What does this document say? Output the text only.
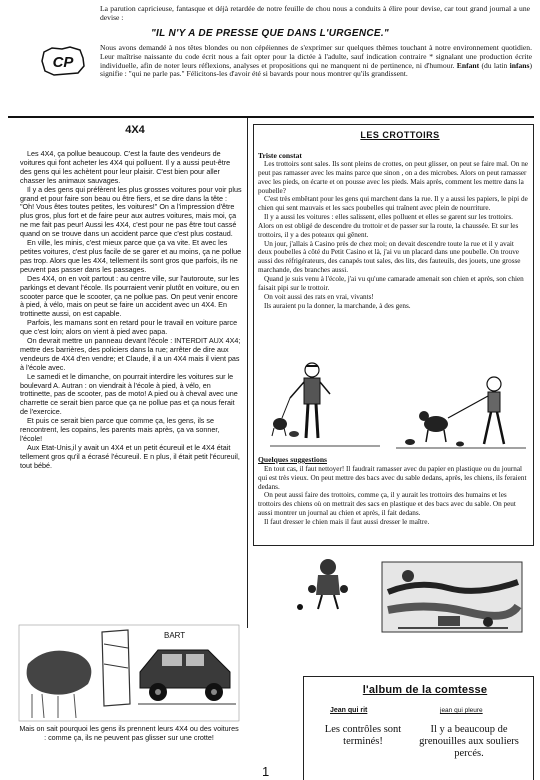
La parution capricieuse, fantasque et déjà retardée de notre feuille de chou nous a conduits à élire pour devise, car tout grand journal a une devise :
"IL N'Y A DE PRESSE QUE DANS L'URGENCE."
Nous avons demandé à nos têtes blondes ou non cépéiennes de s'exprimer sur quelques thèmes touchant à notre environnement quotidien. Leur maîtrise naissante du code écrit nous a fait opter pour la dictée à l'adulte, sauf indication contraire * signalant une production écrite individuelle, afin de noter leurs réflexions, analyses et propositions qui ne manquent ni de pertinence, ni d'humour. Enfant (du latin infans) signifie : "qui ne parle pas." Félicitons-les d'avoir été si bavards pour nous montrer qu'ils grandissent.
CP
4X4

Les 4X4, ça pollue beaucoup. C'est la faute des vendeurs de voitures qui font acheter les 4X4 qui polluent. Il y a aussi peut-être des gens qui les achètent pour leur plaisir. C'est bien pour aller chasser les animaux sauvages.

Il y a des gens qui préfèrent les plus grosses voitures pour voir plus grand et pour faire son beau ou être fiers, et se dire dans la tête : "Oh! Vous êtes toutes petites, les voitures!" On a l'impression d'être plus gros, plus fort et de faire peur aux autres voitures, mais moi, ça ne me fait pas peur! Aussi les 4X4, c'est pour ne pas être tout cassé quand on se trouve dans un accident parce que c'est plus costaud.

En ville, les minis, c'est mieux parce que ça va vite. Et avec les petites voitures, c'est plus facile de se garer et au moins, ça ne pollue pas trop. Alors que les 4X4, tellement ils sont gros que parfois, ils ne peuvent pas passer dans les passages.

Des 4X4, on en voit partout : au centre ville, sur l'autoroute, sur les parkings et devant l'école. Ils pourraient venir plutôt en voiture, ou en scooter parce que le scooter, ça ne pollue pas. On peut venir encore à pied, à vélo, mais on peut se faire un accident avec un 4X4. En trottinette aussi, on est capable.

Parfois, les mamans sont en retard pour le travail en voiture parce que c'est loin; alors on vient à pied avec papa.

On devrait mettre un panneau devant l'école : INTERDIT AUX 4X4; mettre des barrières, des policiers dans la rue; arrêter de dire aux vendeurs de 4X4 d'en vendre; et Claude, il a un 4X4 mais il vient pas à l'école avec.

Le samedi et le dimanche, on pourrait interdire les voitures sur le boulevard A. Autran : on viendrait à l'école à pied, à vélo, en trottinette, pas de scooter, pas de moto! A pied ou à cheval avec une charrette ce serait bien parce que ça ne pollue pas et ça nous ferait de l'exercice.

Et puis ce serait bien parce que comme ça, les gens, ils se rencontrent, les copains, les parents mais après, ça va sonner, l'école!

Aux Etat-Unis,il y avait un 4X4 et un petit écureuil et le 4X4 était tellement gros qu'il a écrasé l'écureuil. E n plus, il était petit l'écureuil, tout bébé.

LES CROTTOIRS
Triste constat

Les trottoirs sont sales. Ils sont pleins de crottes, on peut glisser, on peut se faire mal. On ne peut pas ramasser avec les mains parce que sinon , on a des microbes. Alors on peut ramasser avec les pieds, on écarte et on pousse avec les pieds. Mais après, comment les mettre dans la poubelle?

C'est très embêtant pour les gens qui marchent dans la rue. Il y a aussi les papiers, le pipi de chien qui sent mauvais et les sacs poubelles qui traînent avec plein de nourriture.

Il y a aussi les voitures : elles salissent, elles polluent et elles se garent sur les trottoirs. Alors on est obligé de descendre du trottoir et de passer sur la route, la chaussée. Et sur les trottoirs, il y a des poteaux qui gênent.

Un jour, j'allais à Casino près de chez moi; on devait descendre toute la rue et il y avait deux poubelles à côté du Petit Casino et là, j'ai vu un placard dans une poubelle. On trouve aussi des réfrigérateurs, des canapés tout sales, des lits, des fauteuils, des jouets, une grosse marchande, des branches aussi.

Quand je suis venu à l'école, j'ai vu qu'une camarade amenait son chien et après, son chien faisait pipi sur le trottoir.

On voit aussi des rats en vrai, vivants!

Ils auraient pu la donner, la marchande, à des gens.

Quelques suggestions

En tout cas, il faut nettoyer! Il faudrait ramasser avec du papier en plastique ou du journal qui est très vieux. On peut mettre des bacs avec du sable dedans, après, les chiens, ils feraient dedans.

On peut aussi faire des trottoirs, comme ça, il y aurait les trottoirs des humains et les trottoirs des chiens où on mettrait des sacs en plastique et des bacs avec du sable. On peut aussi montrer un journal au chien et après, il fait dedans.

Il faut dresser le chien mais il faut aussi dresser le maître.

BART
Mais on sait pourquoi les gens ils prennent leurs 4X4 ou des voitures : comme ça, ils ne peuvent pas glisser sur une crotte!
l'album de la comtesse
Jean qui rit	jean qui pleure
Les contrôles sont terminés!
Il y a beaucoup de grenouilles aux souliers percés.
1
